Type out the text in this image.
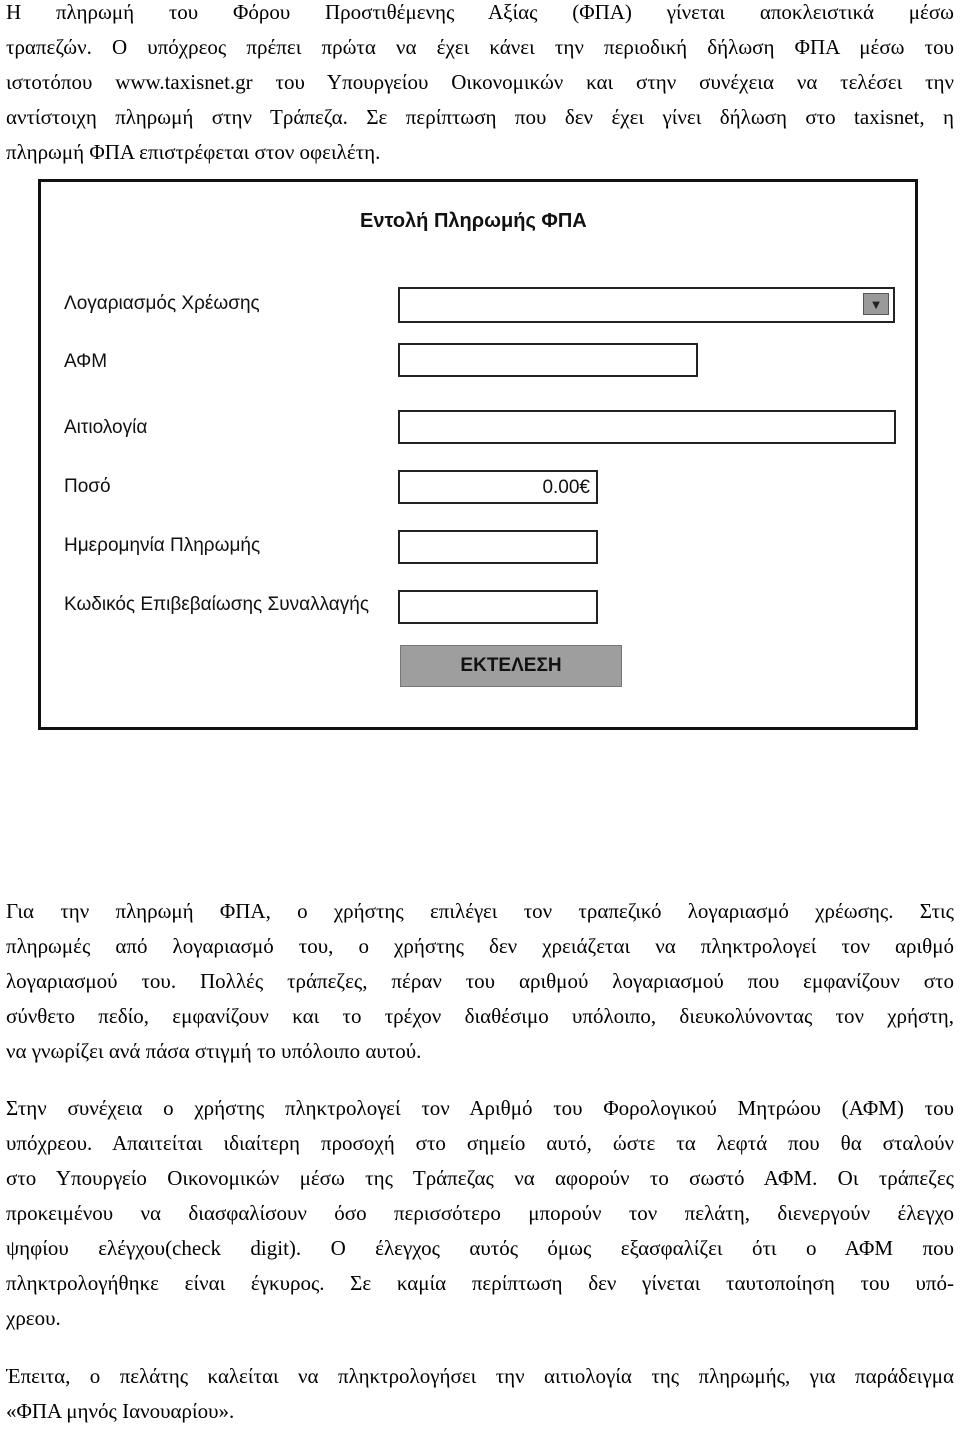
Η πληρωμή του Φόρου Προστιθέμενης Αξίας (ΦΠΑ) γίνεται αποκλειστικά μέσω
τραπεζών. Ο υπόχρεος πρέπει πρώτα να έχει κάνει την περιοδική δήλωση ΦΠΑ μέσω του
ιστοτόπου www.taxisnet.gr του Υπουργείου Οικονομικών και στην συνέχεια να τελέσει την
αντίστοιχη πληρωμή στην Τράπεζα. Σε περίπτωση που δεν έχει γίνει δήλωση στο taxisnet, η
πληρωμή ΦΠΑ επιστρέφεται στον οφειλέτη.
Εντολή Πληρωμής ΦΠΑ
Λογαριασμός Χρέωσης	▼
ΑΦΜ
Αιτιολογία
Ποσό	0.00€
Ημερομηνία Πληρωμής
Κωδικός Επιβεβαίωσης Συναλλαγής
ΕΚΤΕΛΕΣΗ
Για την πληρωμή ΦΠΑ, ο χρήστης επιλέγει τον τραπεζικό λογαριασμό χρέωσης. Στις
πληρωμές από λογαριασμό του, ο χρήστης δεν χρειάζεται να πληκτρολογεί τον αριθμό
λογαριασμού του. Πολλές τράπεζες, πέραν του αριθμού λογαριασμού που εμφανίζουν στο
σύνθετο πεδίο, εμφανίζουν και το τρέχον διαθέσιμο υπόλοιπο, διευκολύνοντας τον χρήστη,
να γνωρίζει ανά πάσα στιγμή το υπόλοιπο αυτού.
Στην συνέχεια ο χρήστης πληκτρολογεί τον Αριθμό του Φορολογικού Μητρώου (ΑΦΜ) του
υπόχρεου. Απαιτείται ιδιαίτερη προσοχή στο σημείο αυτό, ώστε τα λεφτά που θα σταλούν
στο Υπουργείο Οικονομικών μέσω της Τράπεζας να αφορούν το σωστό ΑΦΜ. Οι τράπεζες
προκειμένου να διασφαλίσουν όσο περισσότερο μπορούν τον πελάτη, διενεργούν έλεγχο
ψηφίου ελέγχου(check digit). Ο έλεγχος αυτός όμως εξασφαλίζει ότι ο ΑΦΜ που
πληκτρολογήθηκε είναι έγκυρος. Σε καμία περίπτωση δεν γίνεται ταυτοποίηση του υπό-
χρεου.
Έπειτα, ο πελάτης καλείται να πληκτρολογήσει την αιτιολογία της πληρωμής, για παράδειγμα
«ΦΠΑ μηνός Ιανουαρίου».
